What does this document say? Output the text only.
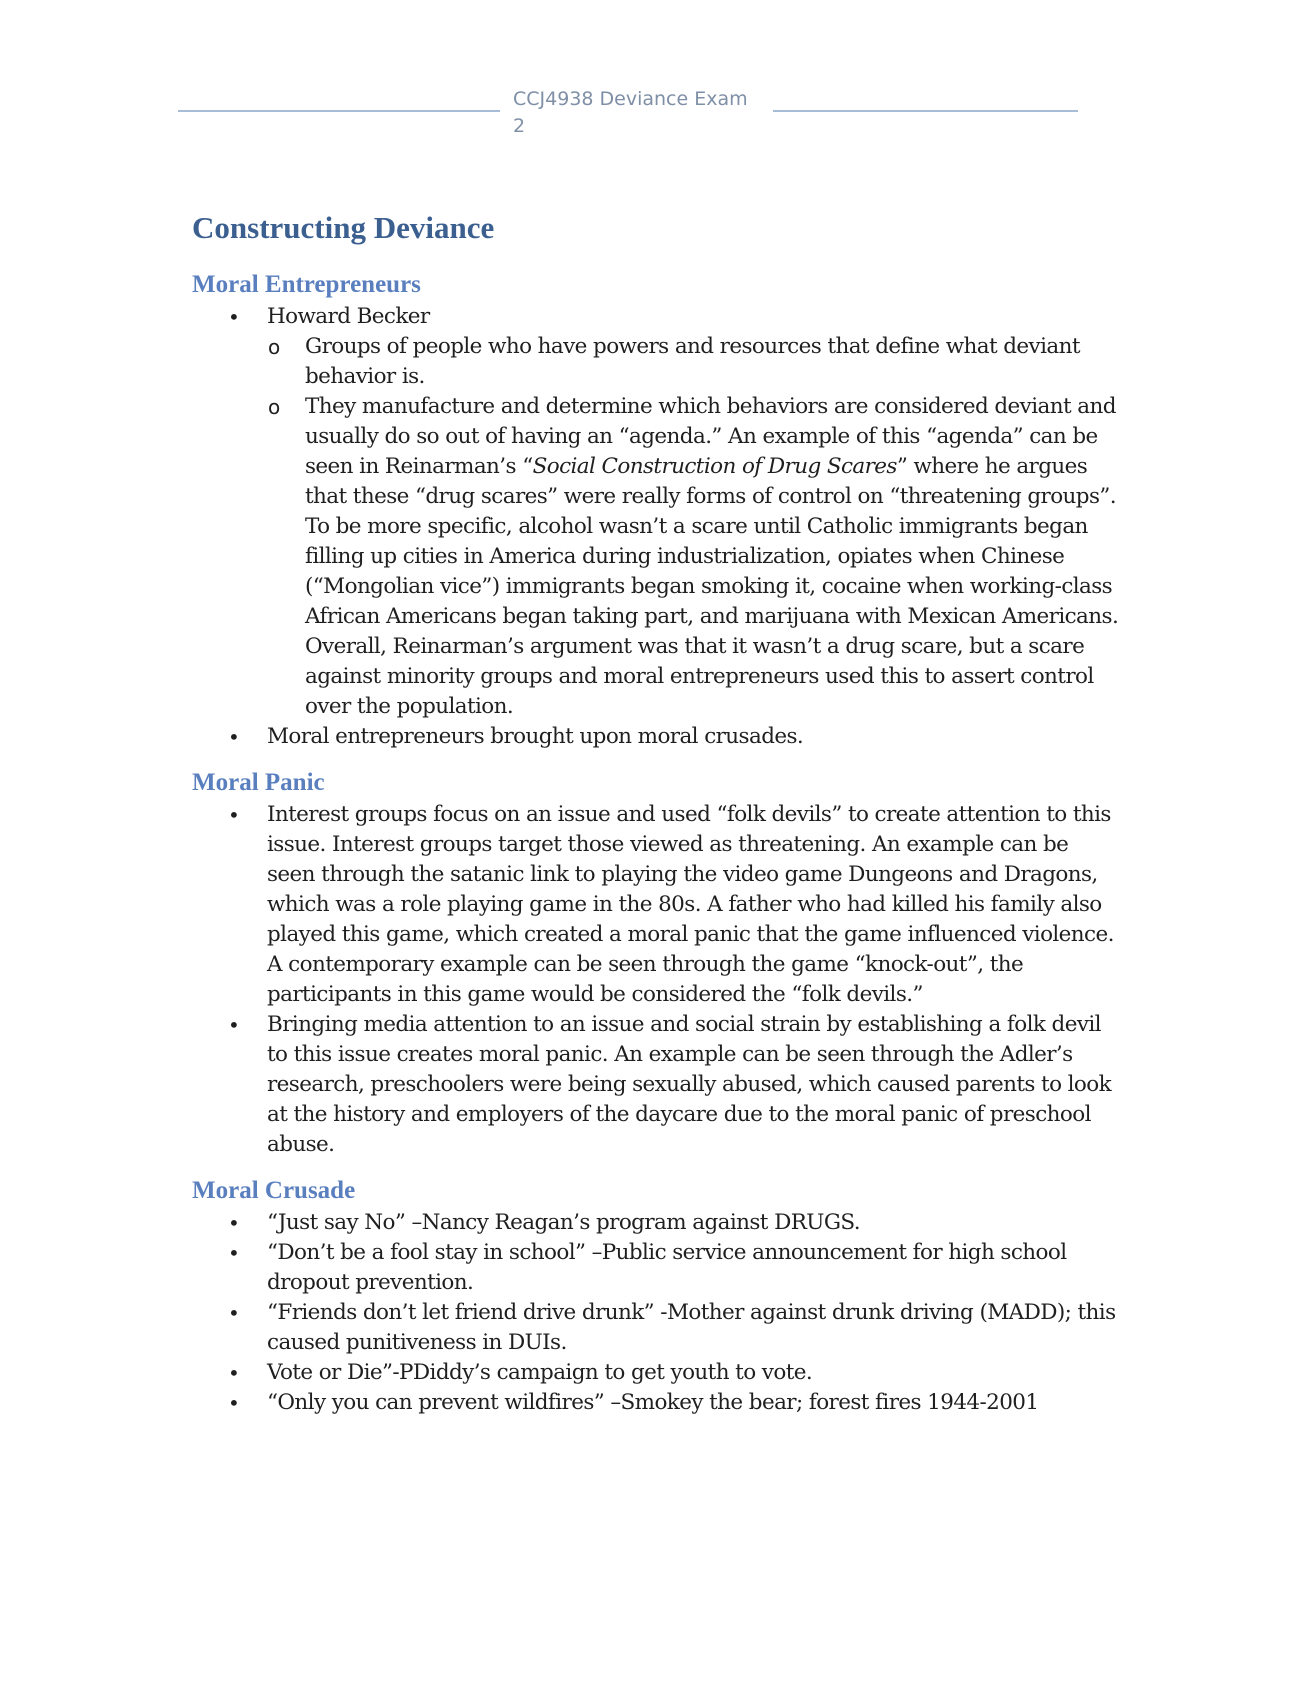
CCJ4938 Deviance Exam 2
Constructing Deviance
Moral Entrepreneurs
• Howard Becker
o Groups of people who have powers and resources that define what deviant behavior is.
o They manufacture and determine which behaviors are considered deviant and usually do so out of having an “agenda.” An example of this “agenda” can be seen in Reinarman’s “Social Construction of Drug Scares” where he argues that these “drug scares” were really forms of control on “threatening groups”. To be more specific, alcohol wasn’t a scare until Catholic immigrants began filling up cities in America during industrialization, opiates when Chinese (“Mongolian vice”) immigrants began smoking it, cocaine when working-class African Americans began taking part, and marijuana with Mexican Americans. Overall, Reinarman’s argument was that it wasn’t a drug scare, but a scare against minority groups and moral entrepreneurs used this to assert control over the population.
• Moral entrepreneurs brought upon moral crusades.
Moral Panic
• Interest groups focus on an issue and used “folk devils” to create attention to this issue. Interest groups target those viewed as threatening. An example can be seen through the satanic link to playing the video game Dungeons and Dragons, which was a role playing game in the 80s. A father who had killed his family also played this game, which created a moral panic that the game influenced violence. A contemporary example can be seen through the game “knock-out”, the participants in this game would be considered the “folk devils.”
• Bringing media attention to an issue and social strain by establishing a folk devil to this issue creates moral panic. An example can be seen through the Adler’s research, preschoolers were being sexually abused, which caused parents to look at the history and employers of the daycare due to the moral panic of preschool abuse.
Moral Crusade
• “Just say No” –Nancy Reagan’s program against DRUGS.
• “Don’t be a fool stay in school” –Public service announcement for high school dropout prevention.
• “Friends don’t let friend drive drunk” -Mother against drunk driving (MADD); this caused punitiveness in DUIs.
• Vote or Die”-PDiddy’s campaign to get youth to vote.
• “Only you can prevent wildfires” –Smokey the bear; forest fires 1944-2001
